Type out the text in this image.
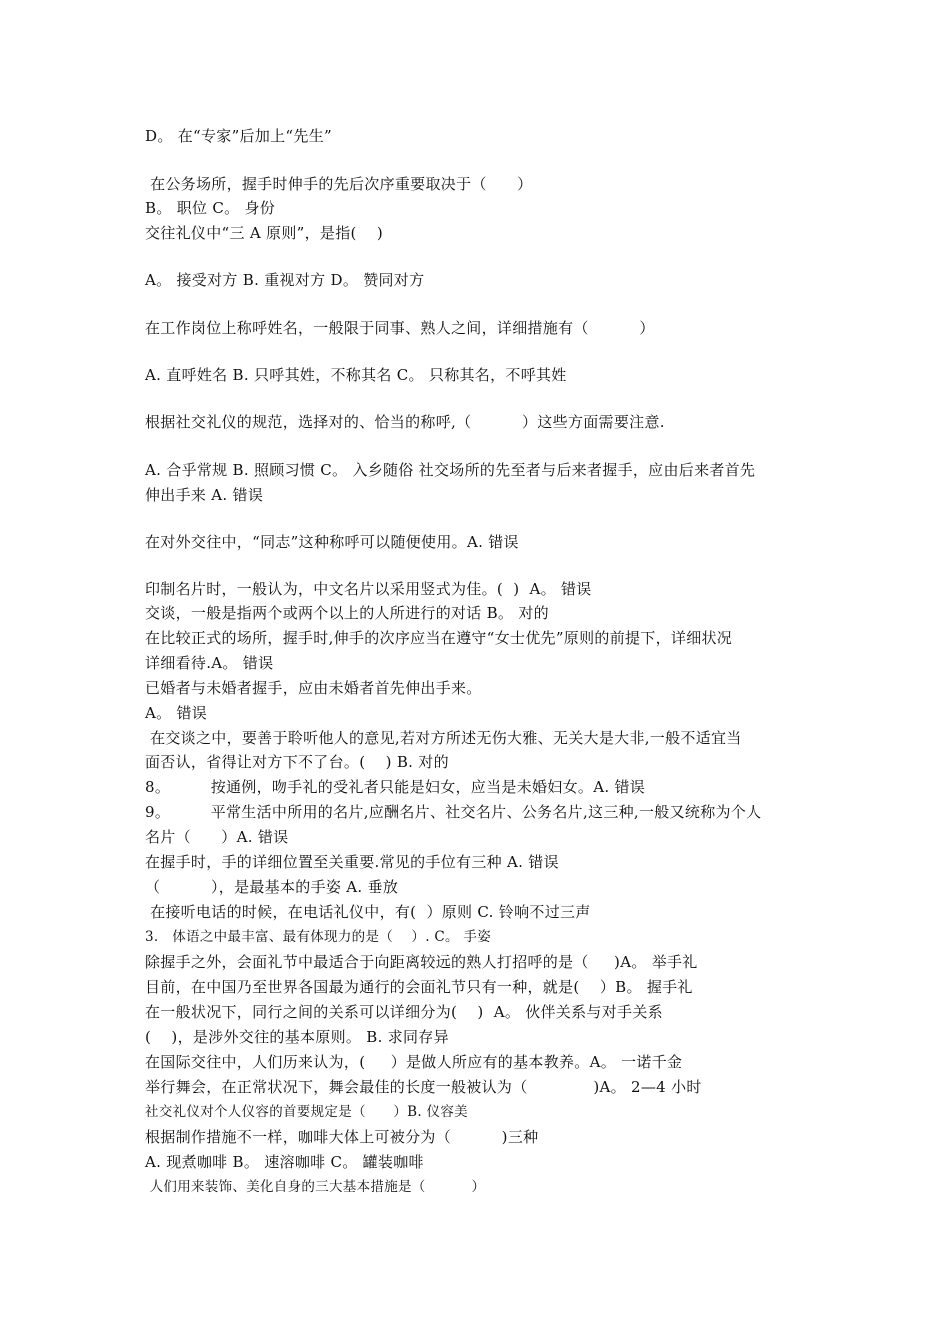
D。 在“专家”后加上“先生”
在公务场所，握手时伸手的先后次序重要取决于（      ）
B。 职位 C。 身份
交往礼仪中“三 A 原则”，是指(    )
A。 接受对方 B. 重视对方 D。 赞同对方
在工作岗位上称呼姓名，一般限于同事、熟人之间，详细措施有（          ）
A. 直呼姓名 B. 只呼其姓，不称其名 C。 只称其名，不呼其姓
根据社交礼仪的规范，选择对的、恰当的称呼,（          ）这些方面需要注意.
A. 合乎常规 B. 照顾习惯 C。 入乡随俗 社交场所的先至者与后来者握手，应由后来者首先
伸出手来 A. 错误
在对外交往中，“同志”这种称呼可以随便使用。A. 错误
印制名片时，一般认为，中文名片以采用竖式为佳。(  )  A。 错误
交谈，一般是指两个或两个以上的人所进行的对话 B。 对的
在比较正式的场所，握手时,伸手的次序应当在遵守“女士优先”原则的前提下，详细状况
详细看待.A。 错误
已婚者与未婚者握手，应由未婚者首先伸出手来。
A。 错误
在交谈之中，要善于聆听他人的意见,若对方所述无伤大雅、无关大是大非,一般不适宜当
面否认，省得让对方下不了台。(    ) B. 对的
8。        按通例，吻手礼的受礼者只能是妇女，应当是未婚妇女。A. 错误
9。        平常生活中所用的名片,应酬名片、社交名片、公务名片,这三种,一般又统称为个人
名片（      ）A. 错误
在握手时，手的详细位置至关重要.常见的手位有三种 A. 错误
（          ），是最基本的手姿 A. 垂放
在接听电话的时候，在电话礼仪中，有(  ）原则 C. 铃响不过三声
3.   体语之中最丰富、最有体现力的是（    ）. C。 手姿
除握手之外，会面礼节中最适合于向距离较远的熟人打招呼的是（     )A。 举手礼
目前，在中国乃至世界各国最为通行的会面礼节只有一种，就是(    ）B。 握手礼
在一般状况下，同行之间的关系可以详细分为(    )  A。 伙伴关系与对手关系
(    )，是涉外交往的基本原则。 B. 求同存异
在国际交往中，人们历来认为，(     ）是做人所应有的基本教养。A。 一诺千金
举行舞会，在正常状况下，舞会最佳的长度一般被认为（             )A。 2—4 小时
社交礼仪对个人仪容的首要规定是（      ）B. 仪容美
根据制作措施不一样，咖啡大体上可被分为（          )三种
A. 现煮咖啡 B。 速溶咖啡 C。 罐装咖啡
人们用来装饰、美化自身的三大基本措施是（          ）
